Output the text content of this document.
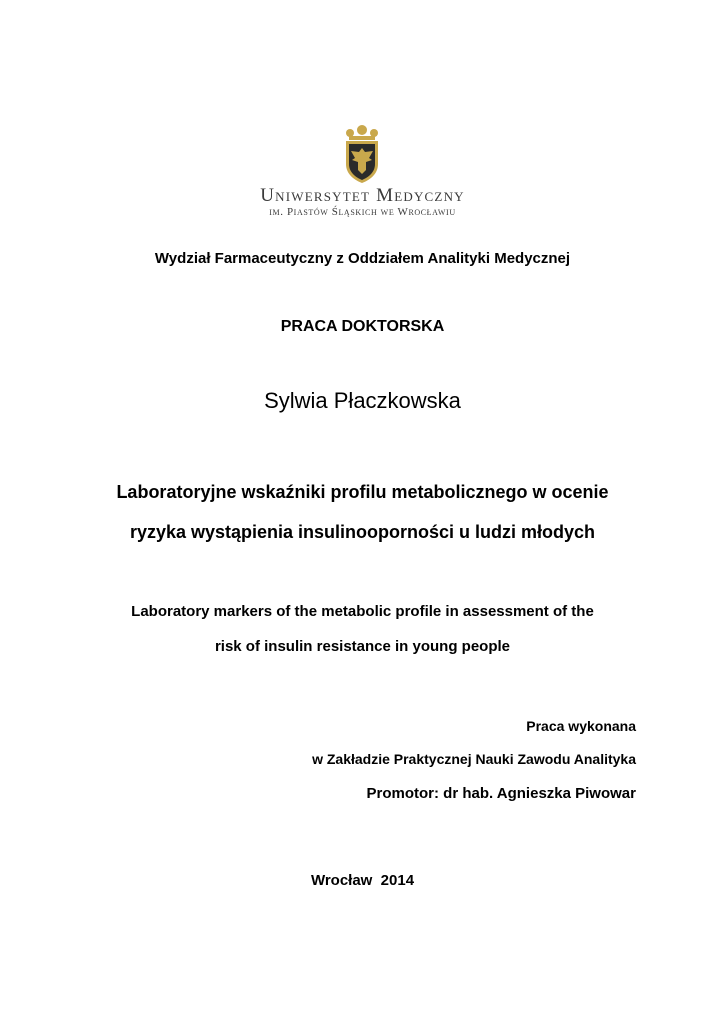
Uniwersytet Medyczny
im. Piastów Śląskich we Wrocławiu
Wydział Farmaceutyczny z Oddziałem Analityki Medycznej
PRACA DOKTORSKA
Sylwia Płaczkowska
Laboratoryjne wskaźniki profilu metabolicznego w ocenie
ryzyka wystąpienia insulinooporności u ludzi młodych
Laboratory markers of the metabolic profile in assessment of the
risk of insulin resistance in young people
Praca wykonana
w Zakładzie Praktycznej Nauki Zawodu Analityka
Promotor: dr hab. Agnieszka Piwowar
Wrocław  2014
